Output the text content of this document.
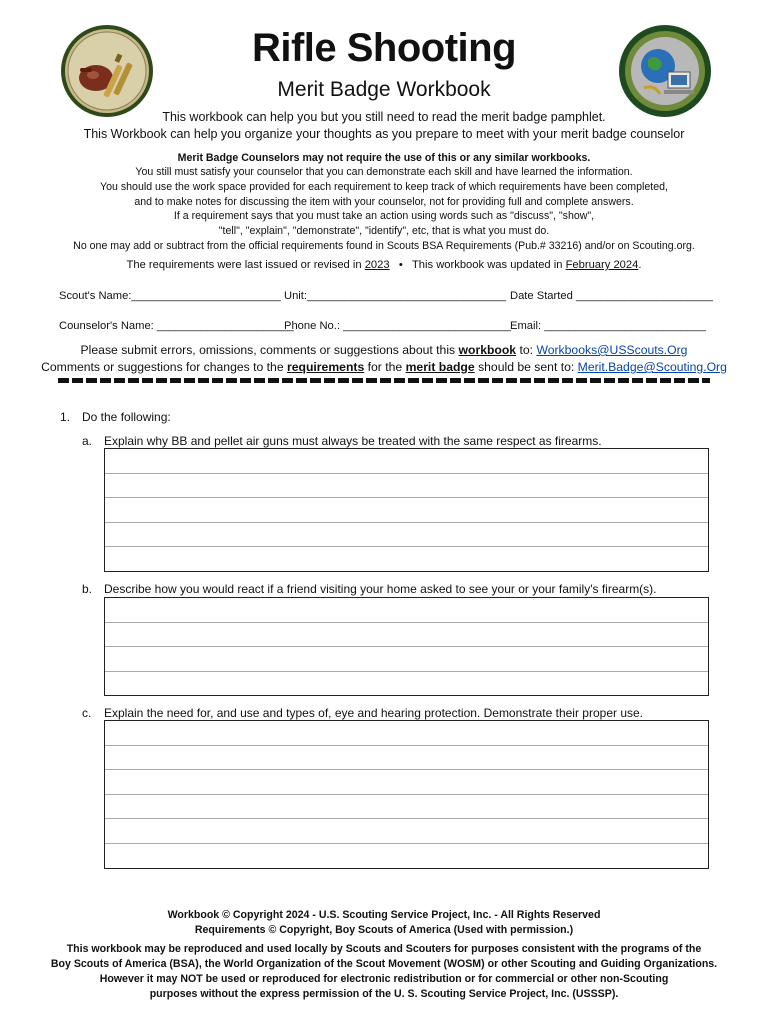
Rifle Shooting
Merit Badge Workbook
This workbook can help you but you still need to read the merit badge pamphlet.
This Workbook can help you organize your thoughts as you prepare to meet with your merit badge counselor
Merit Badge Counselors may not require the use of this or any similar workbooks.
You still must satisfy your counselor that you can demonstrate each skill and have learned the information.
You should use the work space provided for each requirement to keep track of which requirements have been completed,
and to make notes for discussing the item with your counselor, not for providing full and complete answers.
If a requirement says that you must take an action using words such as "discuss", "show",
"tell", "explain", "demonstrate", "identify", etc, that is what you must do.
No one may add or subtract from the official requirements found in Scouts BSA Requirements (Pub.# 33216) and/or on Scouting.org.
The requirements were last issued or revised in 2023 • This workbook was updated in February 2024.
Scout's Name:________________________ Unit:________________________________ Date Started ______________________
Counselor's Name: ______________________
Phone No.: ___________________________
Email: __________________________
Please submit errors, omissions, comments or suggestions about this workbook to: Workbooks@USScouts.Org
Comments or suggestions for changes to the requirements for the merit badge should be sent to: Merit.Badge@Scouting.Org
1. Do the following:
a. Explain why BB and pellet air guns must always be treated with the same respect as firearms.
b. Describe how you would react if a friend visiting your home asked to see your or your family's firearm(s).
c. Explain the need for, and use and types of, eye and hearing protection. Demonstrate their proper use.
Workbook © Copyright 2024 - U.S. Scouting Service Project, Inc. - All Rights Reserved
Requirements © Copyright, Boy Scouts of America (Used with permission.)
This workbook may be reproduced and used locally by Scouts and Scouters for purposes consistent with the programs of the
Boy Scouts of America (BSA), the World Organization of the Scout Movement (WOSM) or other Scouting and Guiding Organizations.
However it may NOT be used or reproduced for electronic redistribution or for commercial or other non-Scouting
purposes without the express permission of the U. S. Scouting Service Project, Inc. (USSSP).
